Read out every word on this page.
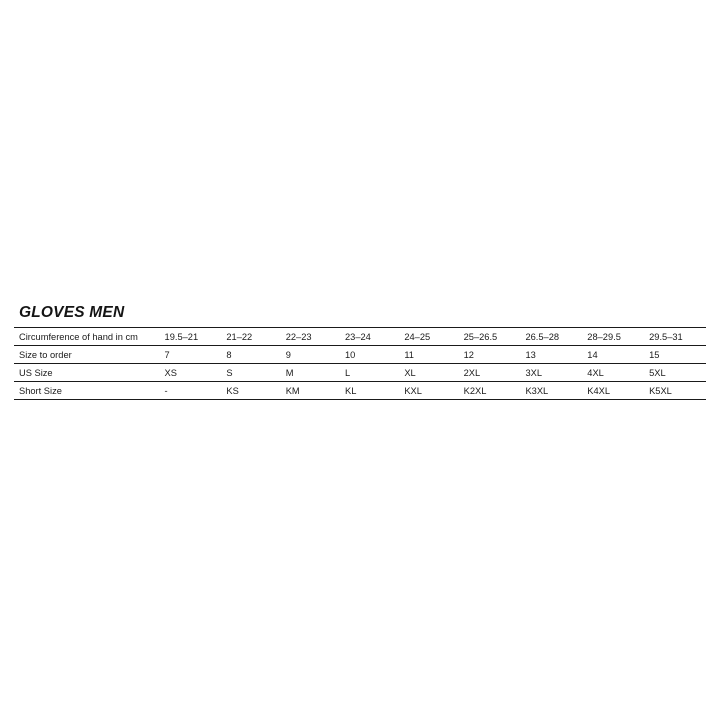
GLOVES MEN
Circumference of hand in cm	19.5–21	21–22	22–23	23–24	24–25	25–26.5	26.5–28	28–29.5	29.5–31
Size to order	7	8	9	10	11	12	13	14	15
US Size	XS	S	M	L	XL	2XL	3XL	4XL	5XL
Short Size	-	KS	KM	KL	KXL	K2XL	K3XL	K4XL	K5XL
